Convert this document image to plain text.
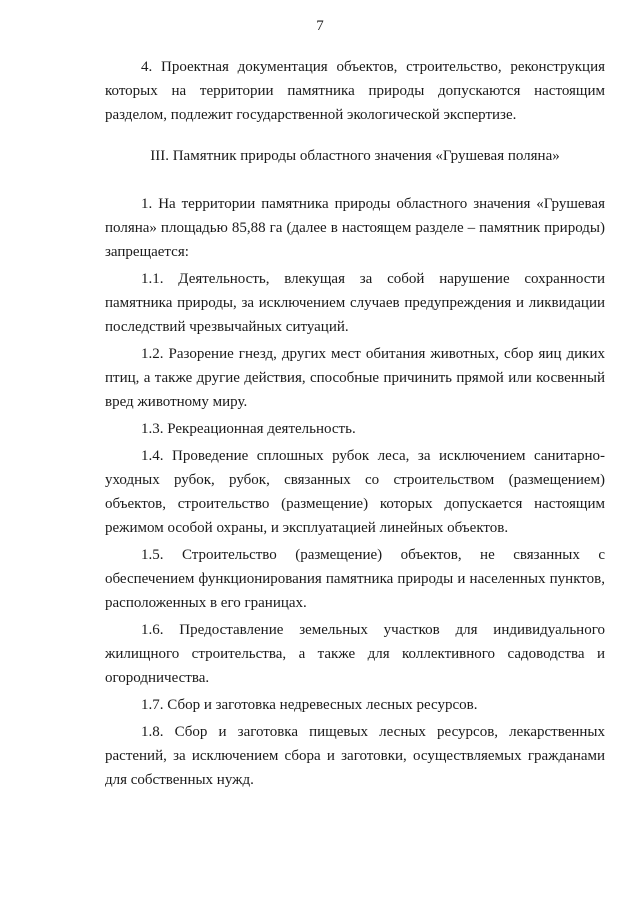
7

4. Проектная документация объектов, строительство, реконструкция которых на территории памятника природы допускаются настоящим разделом, подлежит государственной экологической экспертизе.

III. Памятник природы областного значения «Грушевая поляна»

1. На территории памятника природы областного значения «Грушевая поляна» площадью 85,88 га (далее в настоящем разделе – памятник природы) запрещается:

1.1. Деятельность, влекущая за собой нарушение сохранности памятника природы, за исключением случаев предупреждения и ликвидации последствий чрезвычайных ситуаций.

1.2. Разорение гнезд, других мест обитания животных, сбор яиц диких птиц, а также другие действия, способные причинить прямой или косвенный вред животному миру.

1.3. Рекреационная деятельность.

1.4. Проведение сплошных рубок леса, за исключением санитарно-уходных рубок, рубок, связанных со строительством (размещением) объектов, строительство (размещение) которых допускается настоящим режимом особой охраны, и эксплуатацией линейных объектов.

1.5. Строительство (размещение) объектов, не связанных с обеспечением функционирования памятника природы и населенных пунктов, расположенных в его границах.

1.6. Предоставление земельных участков для индивидуального жилищного строительства, а также для коллективного садоводства и огородничества.

1.7. Сбор и заготовка недревесных лесных ресурсов.

1.8. Сбор и заготовка пищевых лесных ресурсов, лекарственных растений, за исключением сбора и заготовки, осуществляемых гражданами для собственных нужд.
